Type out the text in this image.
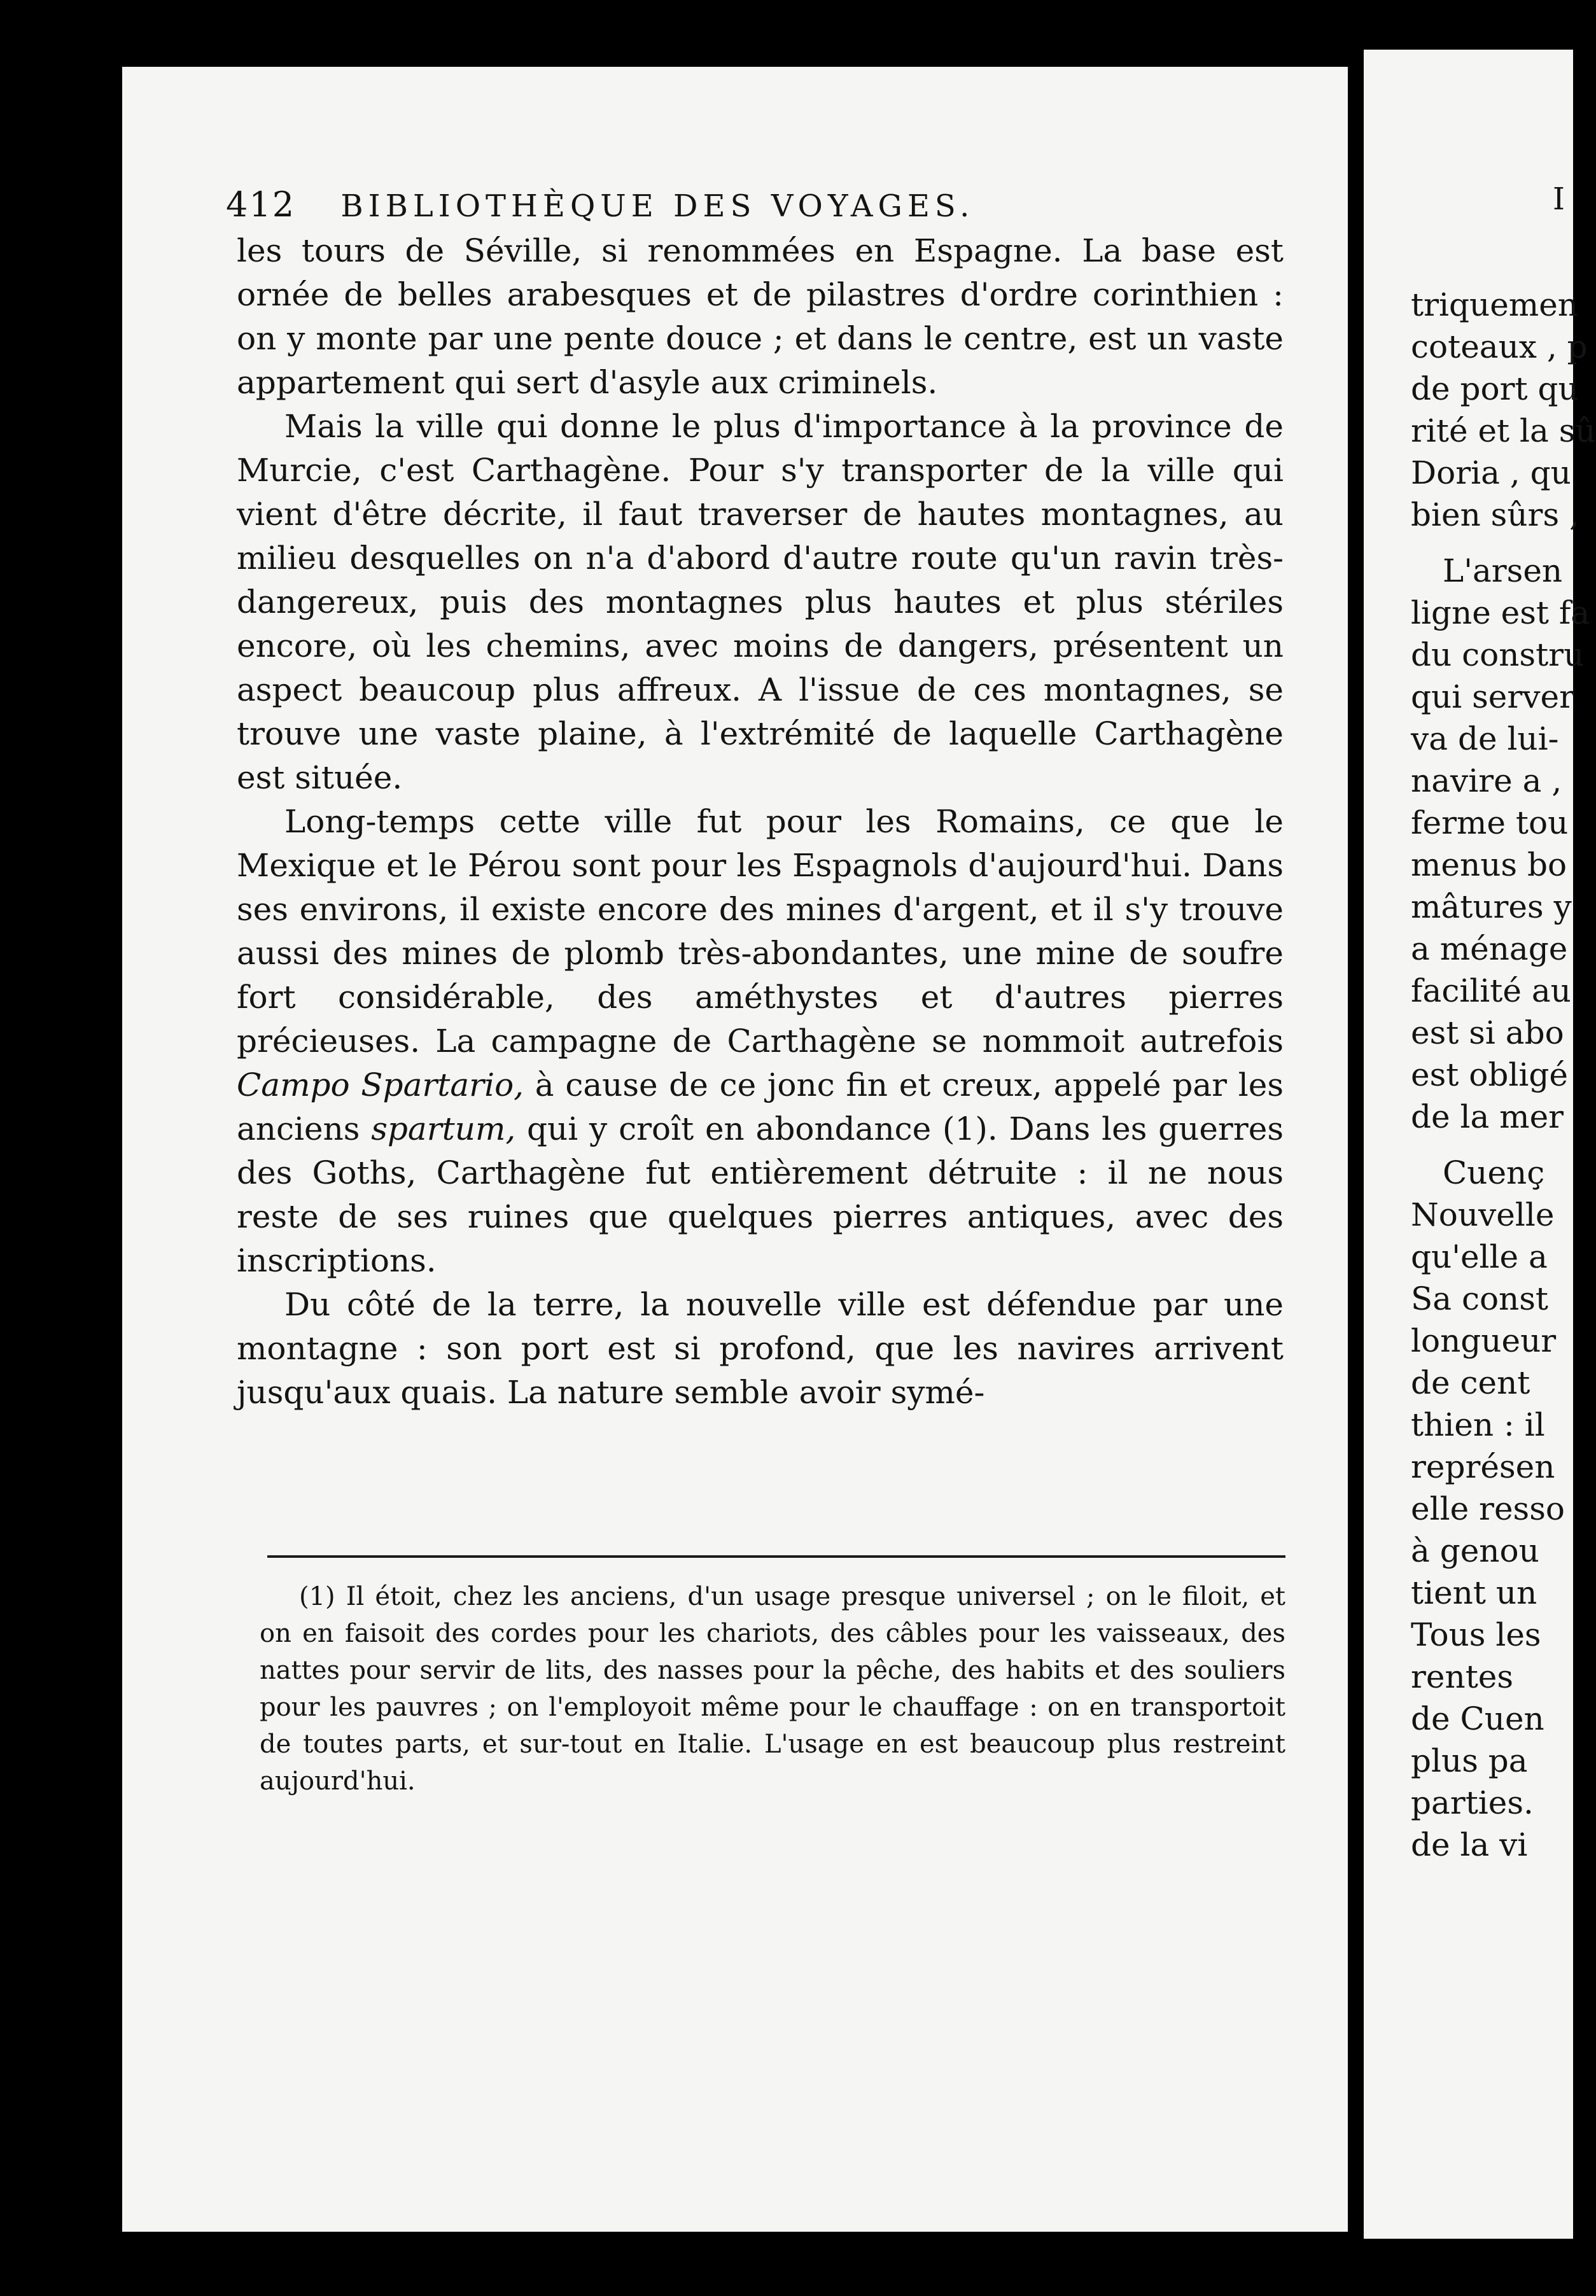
triquemen
coteaux , p
de port qu
rité et la sû
Doria , qu
bien sûrs ,
L'arsen
ligne est fa
du constru
qui server
va de lui-
navire a ,
ferme tou
menus bo
mâtures y
a ménage
facilité au
est si abo
est obligé
de la mer
Cuenç
Nouvelle
qu'elle a
Sa const
longueur
de cent
thien : il
représen
elle resso
à genou
tient un
Tous les
rentes
de Cuen
plus pa
parties.
de la vi
412 BIBLIOTHÈQUE DES VOYAGES.

les tours de Séville, si renommées en Espagne. La base est ornée de belles arabesques et de pilastres d'ordre corinthien : on y monte par une pente douce ; et dans le centre, est un vaste appartement qui sert d'asyle aux criminels.

Mais la ville qui donne le plus d'importance à la province de Murcie, c'est Carthagène. Pour s'y transporter de la ville qui vient d'être décrite, il faut traverser de hautes montagnes, au milieu desquelles on n'a d'abord d'autre route qu'un ravin très-dangereux, puis des montagnes plus hautes et plus stériles encore, où les chemins, avec moins de dangers, présentent un aspect beaucoup plus affreux. A l'issue de ces montagnes, se trouve une vaste plaine, à l'extrémité de laquelle Carthagène est située.

Long-temps cette ville fut pour les Romains, ce que le Mexique et le Pérou sont pour les Espagnols d'aujourd'hui. Dans ses environs, il existe encore des mines d'argent, et il s'y trouve aussi des mines de plomb très-abondantes, une mine de soufre fort considérable, des améthystes et d'autres pierres précieuses. La campagne de Carthagène se nommoit autrefois Campo Spartario, à cause de ce jonc fin et creux, appelé par les anciens spartum, qui y croît en abondance (1). Dans les guerres des Goths, Carthagène fut entièrement détruite : il ne nous reste de ses ruines que quelques pierres antiques, avec des inscriptions.

Du côté de la terre, la nouvelle ville est défendue par une montagne : son port est si profond, que les navires arrivent jusqu'aux quais. La nature semble avoir symé-

(1) Il étoit, chez les anciens, d'un usage presque universel ; on le filoit, et on en faisoit des cordes pour les chariots, des câbles pour les vaisseaux, des nattes pour servir de lits, des nasses pour la pêche, des habits et des souliers pour les pauvres ; on l'employoit même pour le chauffage : on en transportoit de toutes parts, et sur-tout en Italie. L'usage en est beaucoup plus restreint aujourd'hui.

I
